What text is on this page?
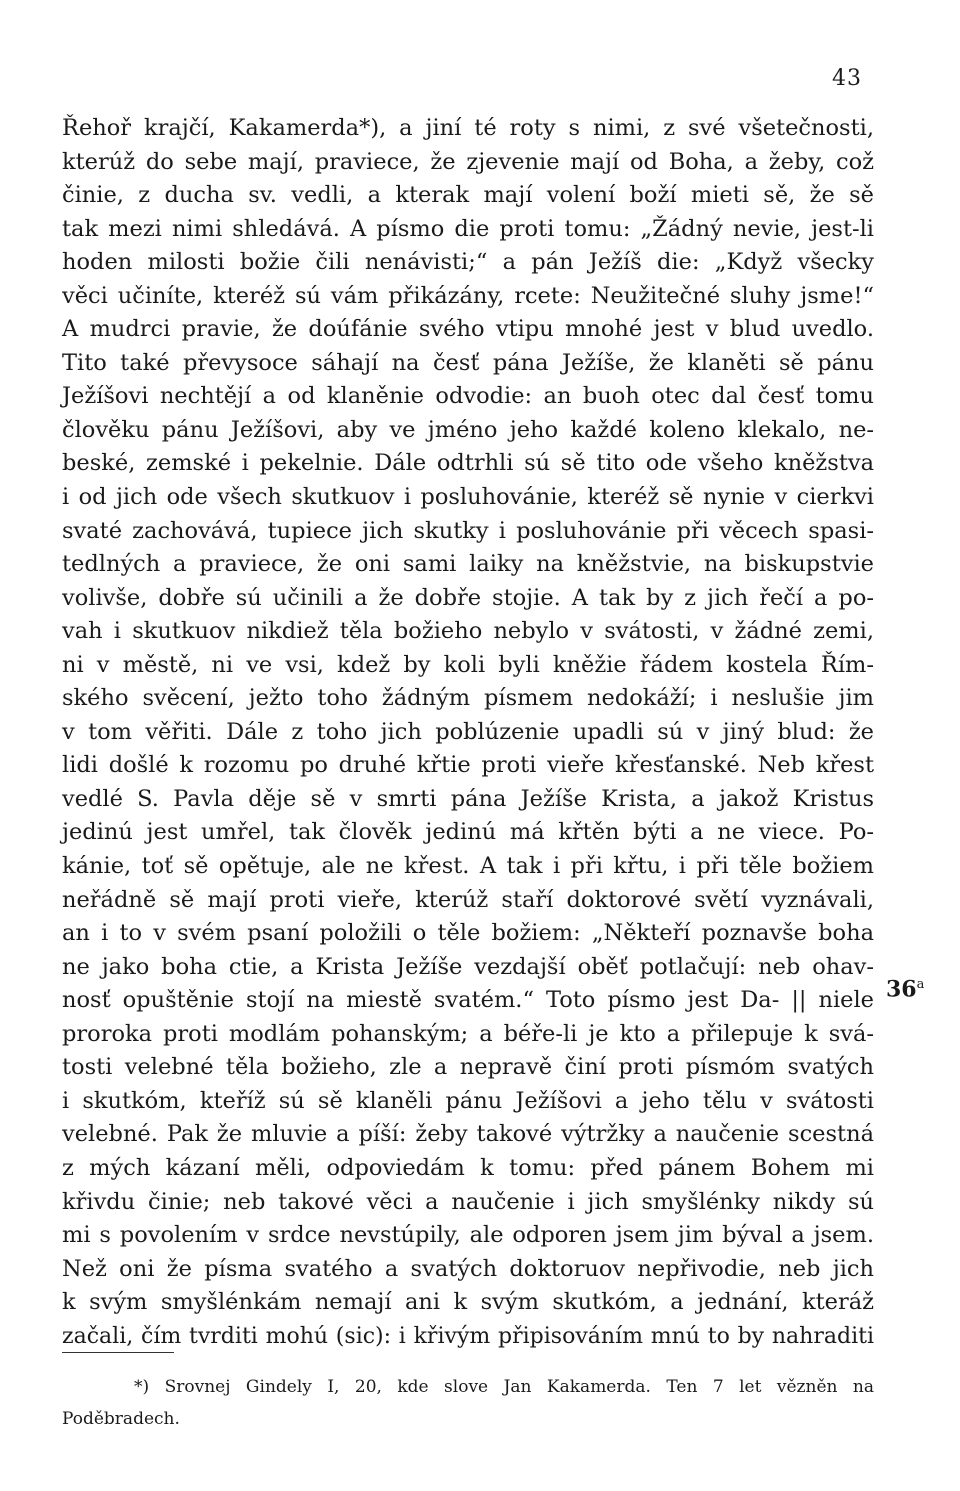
43
Řehoř krajčí, Kakamerda*), a jiní té roty s nimi, z své všetečnosti,
kterúž do sebe mají, praviece, že zjevenie mají od Boha, a žeby, což
činie, z ducha sv. vedli, a kterak mají volení boží mieti sě, že sě
tak mezi nimi shledává. A písmo die proti tomu: „Žádný nevie, jest-li
hoden milosti božie čili nenávisti;“ a pán Ježíš die: „Když všecky
věci učiníte, kteréž sú vám přikázány, rcete: Neužitečné sluhy jsme!“
A mudrci pravie, že doúfánie svého vtipu mnohé jest v blud uvedlo.
Tito také převysoce sáhají na česť pána Ježíše, že klaněti sě pánu
Ježíšovi nechtějí a od klaněnie odvodie: an buoh otec dal česť tomu
člověku pánu Ježíšovi, aby ve jméno jeho každé koleno klekalo, ne-
beské, zemské i pekelnie. Dále odtrhli sú sě tito ode všeho kněžstva
i od jich ode všech skutkuov i posluhovánie, kteréž sě nynie v cierkvi
svaté zachovává, tupiece jich skutky i posluhovánie při věcech spasi-
tedlných a praviece, že oni sami laiky na kněžstvie, na biskupstvie
volivše, dobře sú učinili a že dobře stojie. A tak by z jich řečí a po-
vah i skutkuov nikdiež těla božieho nebylo v svátosti, v žádné zemi,
ni v městě, ni ve vsi, kdež by koli byli kněžie řádem kostela Řím-
ského svěcení, ježto toho žádným písmem nedokáží; i neslušie jim
v tom věřiti. Dále z toho jich poblúzenie upadli sú v jiný blud: že
lidi došlé k rozomu po druhé křtie proti vieře křesťanské. Neb křest
vedlé S. Pavla děje sě v smrti pána Ježíše Krista, a jakož Kristus
jedinú jest umřel, tak člověk jedinú má křtěn býti a ne viece. Po-
kánie, toť sě opětuje, ale ne křest. A tak i při křtu, i při těle božiem
neřádně sě mají proti vieře, kterúž staří doktorové světí vyznávali,
an i to v svém psaní položili o těle božiem: „Někteří poznavše boha
ne jako boha ctie, a Krista Ježíše vezdajší oběť potlačují: neb ohav-
nosť opuštěnie stojí na miestě svatém.“ Toto písmo jest Da- || niele
proroka proti modlám pohanským; a béře-li je kto a přilepuje k svá-
tosti velebné těla božieho, zle a nepravě činí proti písmóm svatých
i skutkóm, kteříž sú sě klaněli pánu Ježíšovi a jeho tělu v svátosti
velebné. Pak že mluvie a píší: žeby takové výtržky a naučenie scestná
z mých kázaní měli, odpoviedám k tomu: před pánem Bohem mi
křivdu činie; neb takové věci a naučenie i jich smyšlénky nikdy sú
mi s povolením v srdce nevstúpily, ale odporen jsem jim býval a jsem.
Než oni že písma svatého a svatých doktoruov nepřivodie, neb jich
k svým smyšlénkám nemají ani k svým skutkóm, a jednání, kteráž
začali, čím tvrditi mohú (sic): i křivým připisováním mnú to by nahraditi
36$^a$
*) Srovnej Gindely I, 20, kde slove Jan Kakamerda. Ten 7 let vězněn na
Poděbradech.
